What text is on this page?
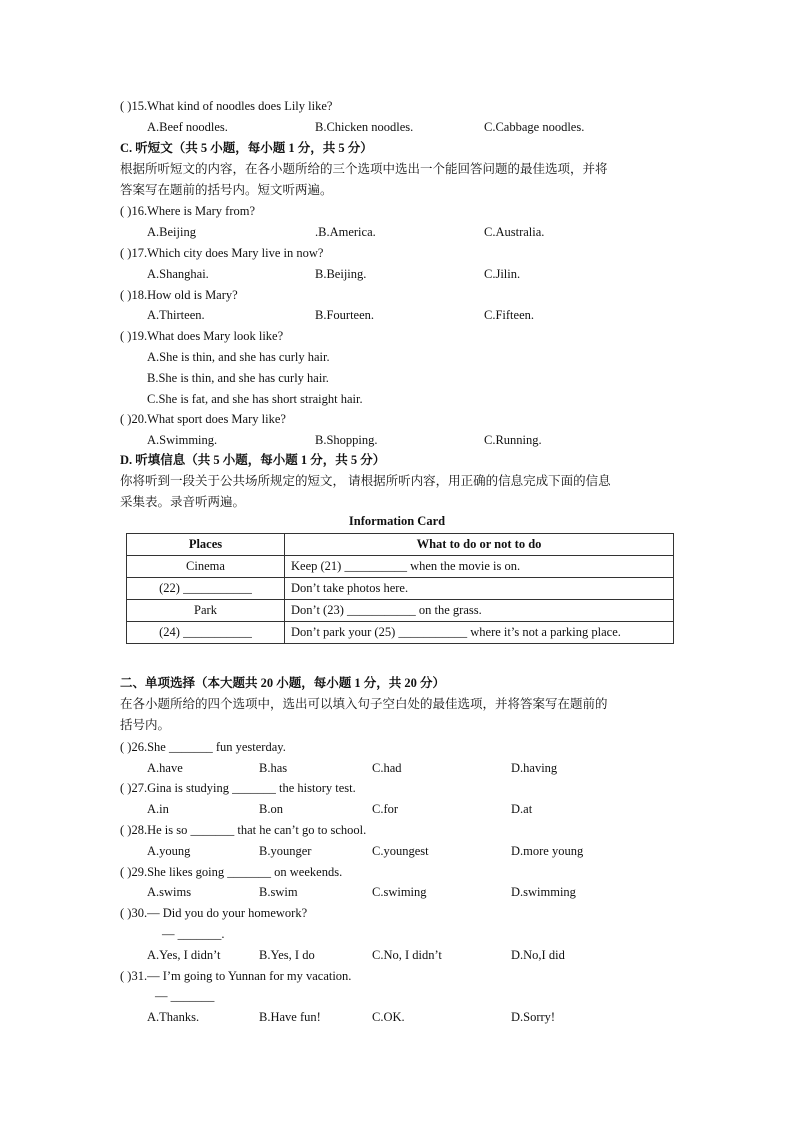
( )15.What kind of noodles does Lily like?
A.Beef noodles.	B.Chicken noodles.	C.Cabbage noodles.
C. 听短文（共 5 小题，每小题 1 分，共 5 分）
根据所听短文的内容，在各小题所给的三个选项中选出一个能回答问题的最佳选项，并将
答案写在题前的括号内。短文听两遍。
( )16.Where is Mary from?
A.Beijing	.B.America.	C.Australia.
( )17.Which city does Mary live in now?
A.Shanghai.	B.Beijing.	C.Jilin.
( )18.How old is Mary?
A.Thirteen.	B.Fourteen.	C.Fifteen.
( )19.What does Mary look like?
A.She is thin, and she has curly hair.
B.She is thin, and she has curly hair.
C.She is fat, and she has short straight hair.
( )20.What sport does Mary like?
A.Swimming.	B.Shopping.	C.Running.
D. 听填信息（共 5 小题，每小题 1 分，共 5 分）
你将听到一段关于公共场所规定的短文， 请根据所听内容，用正确的信息完成下面的信息
采集表。录音听两遍。
Information Card
Places	What to do or not to do
Cinema	Keep (21) __________ when the movie is on.
(22) ___________	Don’t take photos here.
Park	Don’t (23) ___________ on the grass.
(24) ___________	Don’t park your (25) ___________ where it’s not a parking place.
二、单项选择（本大题共 20 小题，每小题 1 分，共 20 分）
在各小题所给的四个选项中，选出可以填入句子空白处的最佳选项，并将答案写在题前的
括号内。
( )26.She _______ fun yesterday.
A.have	B.has	C.had	D.having
( )27.Gina is studying _______ the history test.
A.in	B.on	C.for	D.at
( )28.He is so _______ that he can’t go to school.
A.young	B.younger	C.youngest	D.more young
( )29.She likes going _______ on weekends.
A.swims	B.swim	C.swiming	D.swimming
( )30.— Did you do your homework?
— _______.
A.Yes, I didn’t	B.Yes, I do	C.No, I didn’t	D.No,I did
( )31.— I’m going to Yunnan for my vacation.
— _______
A.Thanks.	B.Have fun!	C.OK.	D.Sorry!
